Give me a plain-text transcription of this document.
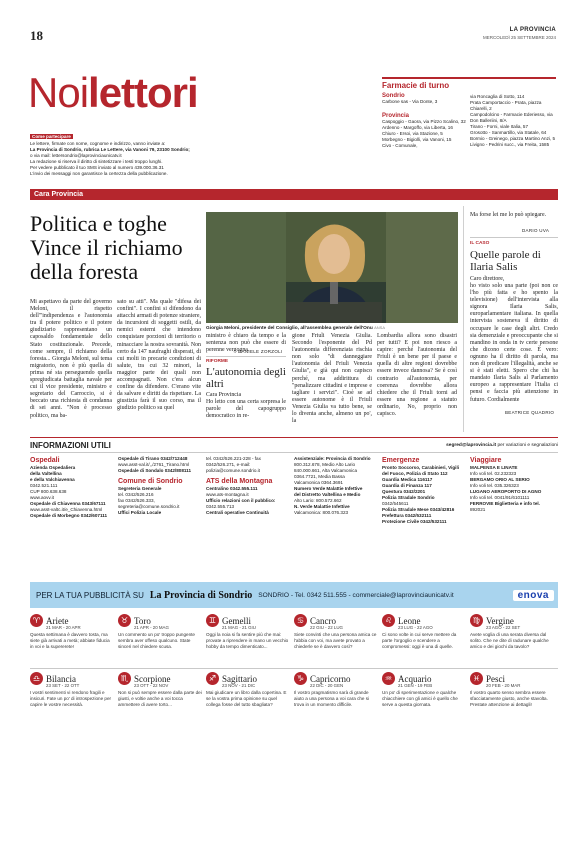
18	LA PROVINCIA
MERCOLEDÌ 25 SETTEMBRE 2024
Noilettori
Come partecipare
Le lettere, firmate con nome, cognome e indirizzo, vanno inviate a:
La Provincia di Sondrio, rubrica Le Lettere, via Vanoni 79, 23100 Sondrio;
o via mail: lettersondrio@laprovinciaunicatv.it
La redazione si riserva il diritto di sintetizzare i testi troppo lunghi.
Per vedere pubblicato il tuo SMS inviato al numero 439.000.36.31
L'invio dei messaggi non garantisce la certezza della pubblicazione.
Farmacie di turno
Sondrio
Carbone sas - Via Donte, 3
Provincia
Caspoggio - Gaora, via Pizzo Scalino, 32
Ardenno - Margoffo, via Liberta, 16
Chiuro - Ersoi, via Stazione, 5
Morbegno - Bigiolli, via Vanoni, 15
Civo - Comunale,
via Roncaglia di Sotto, 114
Prata Camportaccio - Prata, piazza Chiarelli, 2
Campodolcino - Farmacie Ederiesso, via Don Balleriini, 8/A
Tirano - Forni, viale Italia, 57
Grosotto - Sanmartillo, via Statale, 64
Bormio - Greinego, piazza Martino Anzi, 5
Livigno - Pedrini succ., via Freita, 1585
Cara Provincia
Politica e toghe Vince il richiamo della foresta
Giorgia Meloni, presidente del Consiglio, all'assemblea generale dell'Onu ANSA
Mi aspettavo da parte del governo Meloni, il rispetto dell'"indipendenza e l'autonomia tra il potere politico e il potere giudiziario rappresentano un caposaldo fondamentale dello Stato costituzionale. Precede, come sempre, il richiamo della foresta... Giorgia Meloni, sul tema migratorio, non è più quella di prima né sta perseguendo quella spregiudicata battaglia navale per cui il vice presidente, ministro e segretario del Carroccio, si è beccato una richiesta di condanna di sei anni. "Non è processo politico, ma ba-
sato su atti". Ma quale "difesa dei confini". I confini si difendono da attacchi armati di potenze straniere, da incursioni di soggetti ostili, da nemici esterni che intendono conquistare porzioni di territorio o minacciare la nostra sovranità. Non certo da 147 naufraghi disperati, di cui molti in precarie condizioni di salute, tra cui 32 minori, la maggior parte dei quali non accompagnati. Non c'era alcun confine da difendere. C'erano vite da salvare e diritti da rispettare. La giustizia farà il suo corso, ma il giudizio politico su quel
ministro è chiaro da tempo e la sentenza non può che essere di perenne vergogna.
DANIELE ZORZOLI
RIFORME
L'autonomia degli altri
Cara Provincia
Ho letto con una certa sorpresa le parole del capogruppo democratico in re-
gione Friuli Venezia Giulia. Secondo l'esponente del Pd l'autonomia differenziata rischia non solo "di danneggiare l'autonomia del Friuli Venezia Giulia", e già qui non capisco perché, ma addirittura di "penalizzare cittadini e imprese e tagliare i servizi". Cioè se ad essere autonome è il Friuli Venezia Giulia va tutto bene, se lo diventa anche, almeno un po', la
Lombardia allora sono disastri per tutti? E poi non riesco a capire: perché l'autonomia del Friuli è un bene per il paese e quella di altre regioni dovrebbe essere invece dannosa? Se è così contrario all'autonomia, per coerenza dovrebbe allora chiedere che il Friuli torni ad essere una regione a statuto ordinario, No, proprio non capisco.
Ma forse lei me lo può spiegare.
DARIO UVA
IL CASO
Quelle parole di Ilaria Salis
Caro direttore,
ho visto solo una parte (poi non ce l'ho più fatta e ho spento la televisione) dell'intervista alla signora Ilaria Salis, europarlamentare italiana. In quella intervista sosteneva il diritto di occupare le case degli altri. Credo sia demenziale e preoccupante che si mandino in onda in tv certe persone che dicono certe cose. È vero: ognuno ha il diritto di parola, ma non di predicare l'illegalità, anche se si è stati eletti. Spero che chi ha mandato Ilaria Salis al Parlamento europeo a rappresentare l'Italia ci pensi e faccia più attenzione in futuro. Cordialmente
BEATRICE QUADRIO
INFORMAZIONI UTILI	segred@laprovincia.it per variazioni e segnalazioni
Ospedali
Azienda Ospedaliera
della Valtellina
e della Valchiavenna
0342.521.111
CUP 800.638.638
www.aovv.it
Ospedale di Chiavenna 0343/67111
www.asst-valtc.it/e_Chiavenna.html
Ospedale di Morbegno 0342/607111
Ospedale di Tirano 0342/712448
www.asst-val.it/,,/2761_Tirano.html
Ospedale di Sondalo 0342/808111
Comune di Sondrio
Segreteria Generale
tel. 0342/526.216
fax 0342/526.333,
segreteria@comune.sondrio.it
Uffici Polizia Locale
tel. 0342/526.221-228 - fax
0342/526.271, e-mail:
polizia@comune.sondrio.it
ATS della Montagna
Centralino 0342.555.111
www.ats-montagna.it
Ufficio relazioni con il pubblico:
0342.555.713
Centrali operative Continuità
Assistenziale: Provincia di Sondrio
800.312.678, Medio Alto Lario
840.000.661, Alta Valcamonica
0364.7721, Media Bassa
Valcamonica 0364.3691
Numero Verde Malattie Infettive
del Distretto Valtellina e Medio
Alto Lario: 800.572.662
N. Verde Malattie Infettive
Valcamonica: 800.076.323
Emergenze
Pronto Soccorso, Carabinieri, Vigili
del Fuoco, Polizia di Stato 112
Guardia Medica 116117
Guardia di Finanza 117
Questura 0342/2201
Polizia Stradale Sondrio
0342/545611
Polizia Stradale Mese 0343/42816
Prefettura 0342/532111
Protezione Civile 0342/532111
Viaggiare
MALPENSA E LINATE
Info voli tel. 02.232323
BERGAMO ORIO AL SERIO
Info voli tel. 035.326323
LUGANO AEROPORTO DI AGNO
Info voli tel. 0041/91/6101111
FERROVIE Biglietteria e info tel.
892021
PER LA TUA PUBBLICITÀ SU La Provincia di Sondrio SONDRIO - Tel. 0342 511.555 - commerciale@laprovinciaunicatv.it	enova
♈ Ariete
21 MAR - 20 APR
Questa settimana è davvero tosta, ma siete già arrivati a metà; abbiate fiducia in voi e la supererete!
♉ Toro
21 APR - 20 MAG
Un commento un po' troppo pungente sembra aver offeso qualcuno. State sinceri nel chiedere scusa.
♊ Gemelli
21 MAG - 21 GIU
Oggi la noia si fa sentire più che mai: provate a riprendere in mano un vecchio hobby da tempo dimenticato...
♋ Cancro
22 GIU - 22 LUG
Siete convinti che una persona amica ce l'abbia con voi, ma avete provato a chiederle se è davvero così?
♌ Leone
23 LUG - 22 AGO
Ci sono volte in cui serve mettere da parte l'orgoglio e scendere a compromessi: oggi è una di quelle.
♍ Vergine
23 AGO - 22 SET
Avete voglia di una serata diversa dal solito. Che ne dite di radunare qualche amico e dei giochi da tavolo?
♎ Bilancia
23 SET - 22 OTT
I vostri sentimenti vi rendono fragili e insicuri. Fate un po' di introspezione per capire le vostre necessità.
♏ Scorpione
23 OTT - 22 NOV
Non si può sempre essere dalla parte dei giusti, e voltie anche a voi tocca ammettere di avere torto...
♐ Sagittario
23 NOV - 21 DIC
Mai giudicare un libro dalla copertina. E se la vostra prima opinione su quel collega fosse del tutto sbagliata?
♑ Capricorno
22 DIC - 20 GEN
Il vostro pragmatismo sarà di grande aiuto a una persona a voi cara che si trova in un momento difficile.
♒ Acquario
21 GEN - 19 FEB
Un po' di sperimentazione e qualche chiacchiere con gli amici è quello che serve a questa giornata.
♓ Pesci
20 FEB - 20 MAR
Il vostro quarto senso sembra essere sfacciatamente giusto, anche stavolta. Prestate attenzione ai dettagli!
